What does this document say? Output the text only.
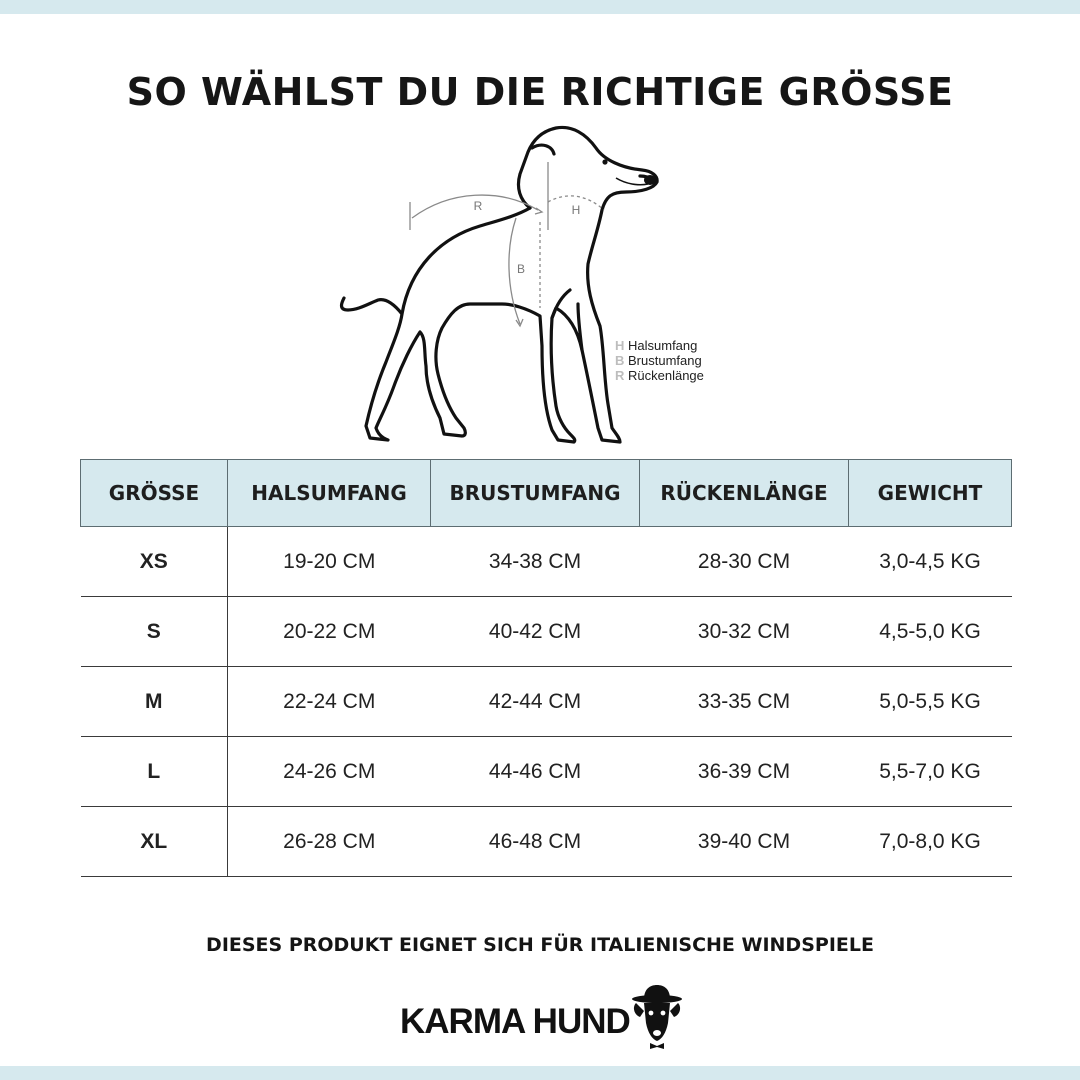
SO WÄHLST DU DIE RICHTIGE GRÖSSE
R	H
B
H Halsumfang
B Brustumfang
R Rückenlänge
GRÖSSE	HALSUMFANG	BRUSTUMFANG	RÜCKENLÄNGE	GEWICHT
XS	19-20 CM	34-38 CM	28-30 CM	3,0-4,5 KG
S	20-22 CM	40-42 CM	30-32 CM	4,5-5,0 KG
M	22-24 CM	42-44 CM	33-35 CM	5,0-5,5 KG
L	24-26 CM	44-46 CM	36-39 CM	5,5-7,0 KG
XL	26-28 CM	46-48 CM	39-40 CM	7,0-8,0 KG
DIESES PRODUKT EIGNET SICH FÜR ITALIENISCHE WINDSPIELE
KARMA HUND
